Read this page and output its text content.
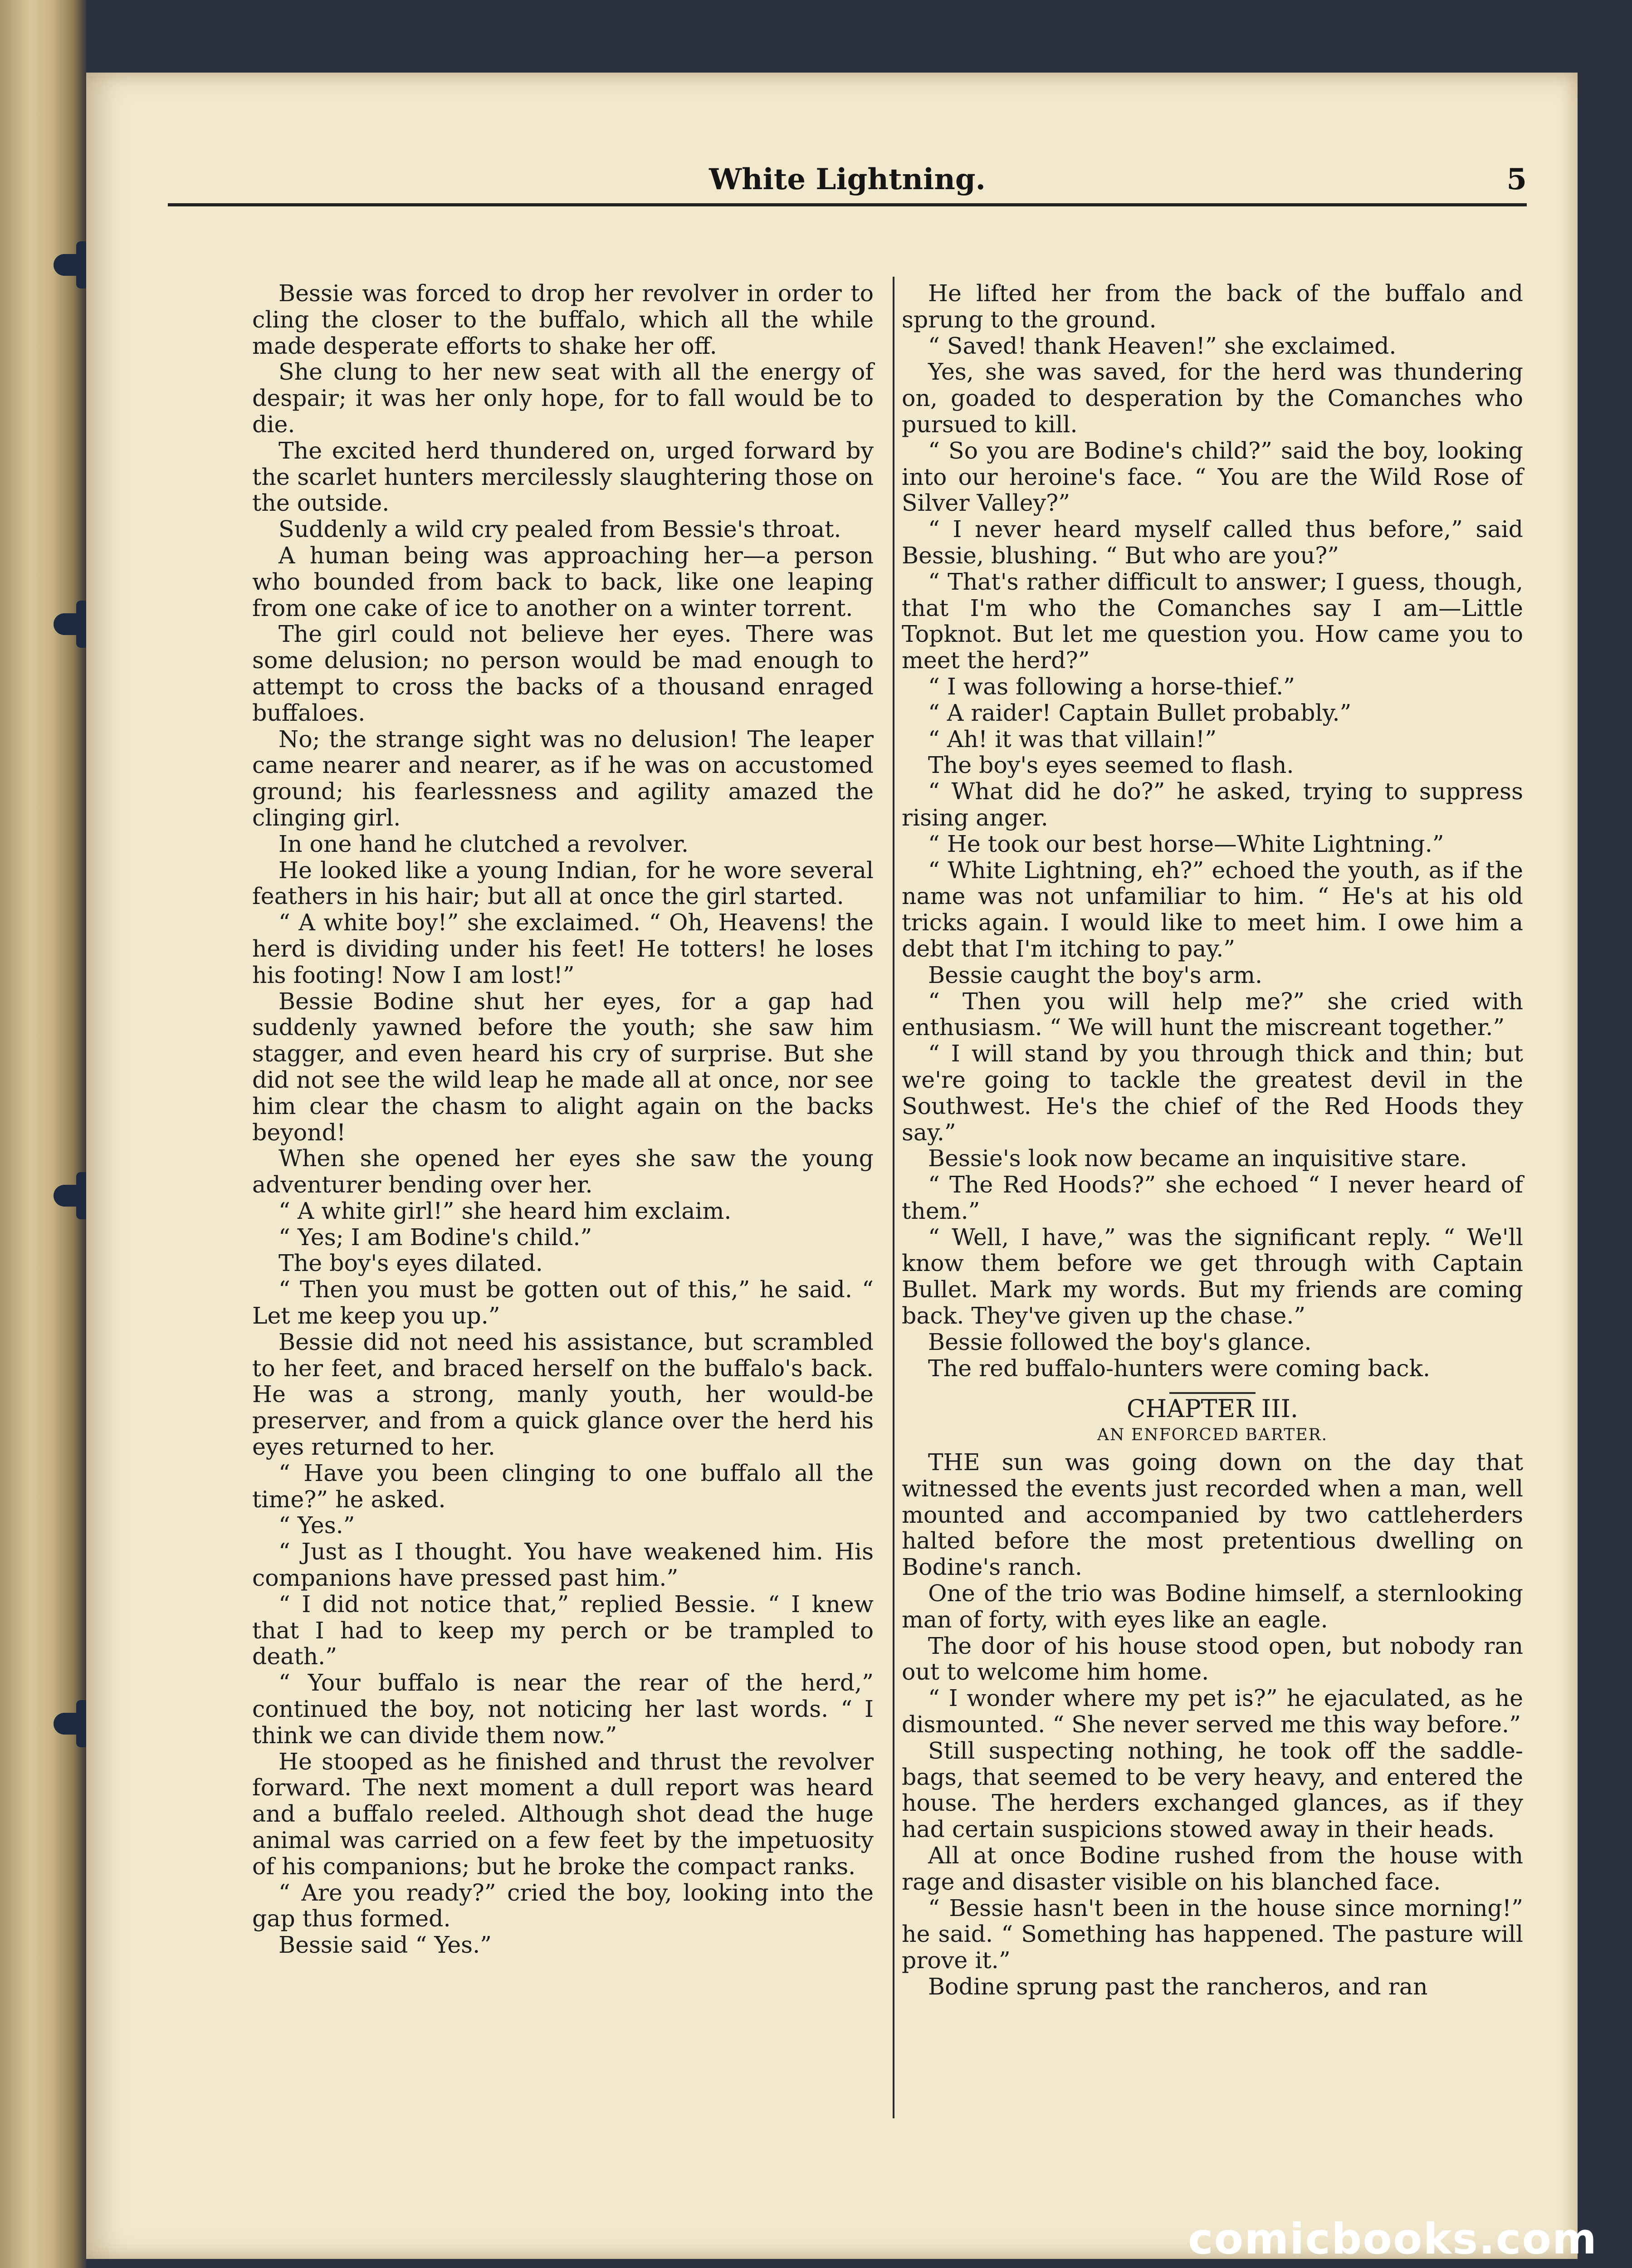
White Lightning.	5

Bessie was forced to drop her revolver in order to cling the closer to the buffalo, which all the while made desperate efforts to shake her off.

She clung to her new seat with all the energy of despair; it was her only hope, for to fall would be to die.

The excited herd thundered on, urged forward by the scarlet hunters mercilessly slaughtering those on the outside.

Suddenly a wild cry pealed from Bessie's throat.

A human being was approaching her—a person who bounded from back to back, like one leaping from one cake of ice to another on a winter torrent.

The girl could not believe her eyes. There was some delusion; no person would be mad enough to attempt to cross the backs of a thousand enraged buffaloes.

No; the strange sight was no delusion! The leaper came nearer and nearer, as if he was on accustomed ground; his fearlessness and agility amazed the clinging girl.

In one hand he clutched a revolver.

He looked like a young Indian, for he wore several feathers in his hair; but all at once the girl started.

“ A white boy!” she exclaimed. “ Oh, Heavens! the herd is dividing under his feet! He totters! he loses his footing! Now I am lost!”

Bessie Bodine shut her eyes, for a gap had suddenly yawned before the youth; she saw him stagger, and even heard his cry of surprise. But she did not see the wild leap he made all at once, nor see him clear the chasm to alight again on the backs beyond!

When she opened her eyes she saw the young adventurer bending over her.

“ A white girl!” she heard him exclaim.

“ Yes; I am Bodine's child.”

The boy's eyes dilated.

“ Then you must be gotten out of this,” he said. “ Let me keep you up.”

Bessie did not need his assistance, but scrambled to her feet, and braced herself on the buffalo's back. He was a strong, manly youth, her would-be preserver, and from a quick glance over the herd his eyes returned to her.

“ Have you been clinging to one buffalo all the time?” he asked.

“ Yes.”

“ Just as I thought. You have weakened him. His companions have pressed past him.”

“ I did not notice that,” replied Bessie. “ I knew that I had to keep my perch or be trampled to death.”

“ Your buffalo is near the rear of the herd,” continued the boy, not noticing her last words. “ I think we can divide them now.”

He stooped as he finished and thrust the revolver forward. The next moment a dull report was heard and a buffalo reeled. Although shot dead the huge animal was carried on a few feet by the impetuosity of his companions; but he broke the compact ranks.

“ Are you ready?” cried the boy, looking into the gap thus formed.

Bessie said “ Yes.”

He lifted her from the back of the buffalo and sprung to the ground.

“ Saved! thank Heaven!” she exclaimed.

Yes, she was saved, for the herd was thundering on, goaded to desperation by the Comanches who pursued to kill.

“ So you are Bodine's child?” said the boy, looking into our heroine's face. “ You are the Wild Rose of Silver Valley?”

“ I never heard myself called thus before,” said Bessie, blushing. “ But who are you?”

“ That's rather difficult to answer; I guess, though, that I'm who the Comanches say I am—Little Topknot. But let me question you. How came you to meet the herd?”

“ I was following a horse-thief.”

“ A raider! Captain Bullet probably.”

“ Ah! it was that villain!”

The boy's eyes seemed to flash.

“ What did he do?” he asked, trying to suppress rising anger.

“ He took our best horse—White Lightning.”

“ White Lightning, eh?” echoed the youth, as if the name was not unfamiliar to him. “ He's at his old tricks again. I would like to meet him. I owe him a debt that I'm itching to pay.”

Bessie caught the boy's arm.

“ Then you will help me?” she cried with enthusiasm. “ We will hunt the miscreant together.”

“ I will stand by you through thick and thin; but we're going to tackle the greatest devil in the Southwest. He's the chief of the Red Hoods they say.”

Bessie's look now became an inquisitive stare.

“ The Red Hoods?” she echoed “ I never heard of them.”

“ Well, I have,” was the significant reply. “ We'll know them before we get through with Captain Bullet. Mark my words. But my friends are coming back. They've given up the chase.”

Bessie followed the boy's glance.

The red buffalo-hunters were coming back.

CHAPTER III.
AN ENFORCED BARTER.

THE sun was going down on the day that witnessed the events just recorded when a man, well mounted and accompanied by two cattleherders halted before the most pretentious dwelling on Bodine's ranch.

One of the trio was Bodine himself, a sternlooking man of forty, with eyes like an eagle.

The door of his house stood open, but nobody ran out to welcome him home.

“ I wonder where my pet is?” he ejaculated, as he dismounted. “ She never served me this way before.”

Still suspecting nothing, he took off the saddle-bags, that seemed to be very heavy, and entered the house. The herders exchanged glances, as if they had certain suspicions stowed away in their heads.

All at once Bodine rushed from the house with rage and disaster visible on his blanched face.

“ Bessie hasn't been in the house since morning!” he said. “ Something has happened. The pasture will prove it.”

Bodine sprung past the rancheros, and ran

comicbooks.com
